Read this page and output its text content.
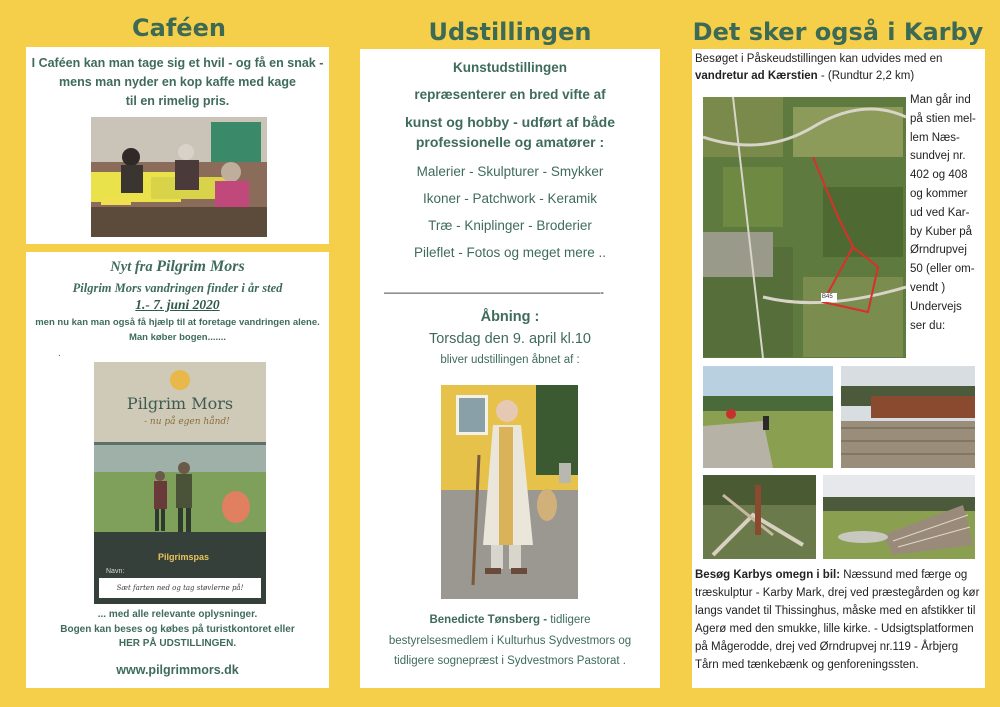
Caféen
I Caféen kan man tage sig et hvil - og få en snak -
mens man nyder en kop kaffe med kage
til en rimelig pris.
Nyt fra Pilgrim Mors
Pilgrim Mors vandringen finder i år sted
1.- 7. juni 2020
men nu kan man også få hjælp til at foretage vandringen alene.
Man køber bogen.......
.
Pilgrim Mors
- nu på egen hånd!
Pilgrimspas
Navn:
Sæt farten ned og tag støvlerne på!
... med alle relevante oplysninger.
Bogen kan beses og købes på turistkontoret eller
HER PÅ UDSTILLINGEN.
www.pilgrimmors.dk
Udstillingen
Kunstudstillingen
repræsenterer en bred vifte af
kunst og hobby - udført af både
professionelle og amatører :
Malerier - Skulpturer - Smykker
Ikoner - Patchwork - Keramik
Træ - Kniplinger - Broderier
Pileflet - Fotos og meget mere ..
——————————————————-
Åbning :
Torsdag den 9. april kl.10
bliver udstillingen åbnet af :
Benedicte Tønsberg - tidligere
bestyrelsesmedlem i Kulturhus Sydvestmors og
tidligere sognepræst i Sydvestmors Pastorat .
Det sker også i Karby
Besøget i Påskeudstillingen kan udvides med en
vandretur ad Kærstien - (Rundtur 2,2 km)
B45
Man går ind
på stien mel-
lem Næs-
sundvej nr.
402 og 408
og kommer
ud ved Kar-
by Kuber på
Ørndrupvej
50 (eller om-
vendt )
Undervejs
ser du:
Besøg Karbys omegn i bil: Næssund med færge og træskulptur - Karby Mark, drej ved præstegården og kør langs vandet til Thissinghus, måske med en afstikker til Agerø med den smukke, lille kirke. - Udsigtsplatformen på Mågerodde, drej ved Ørndrupvej nr.119 - Årbjerg Tårn med tænkebænk og genforeningssten.
